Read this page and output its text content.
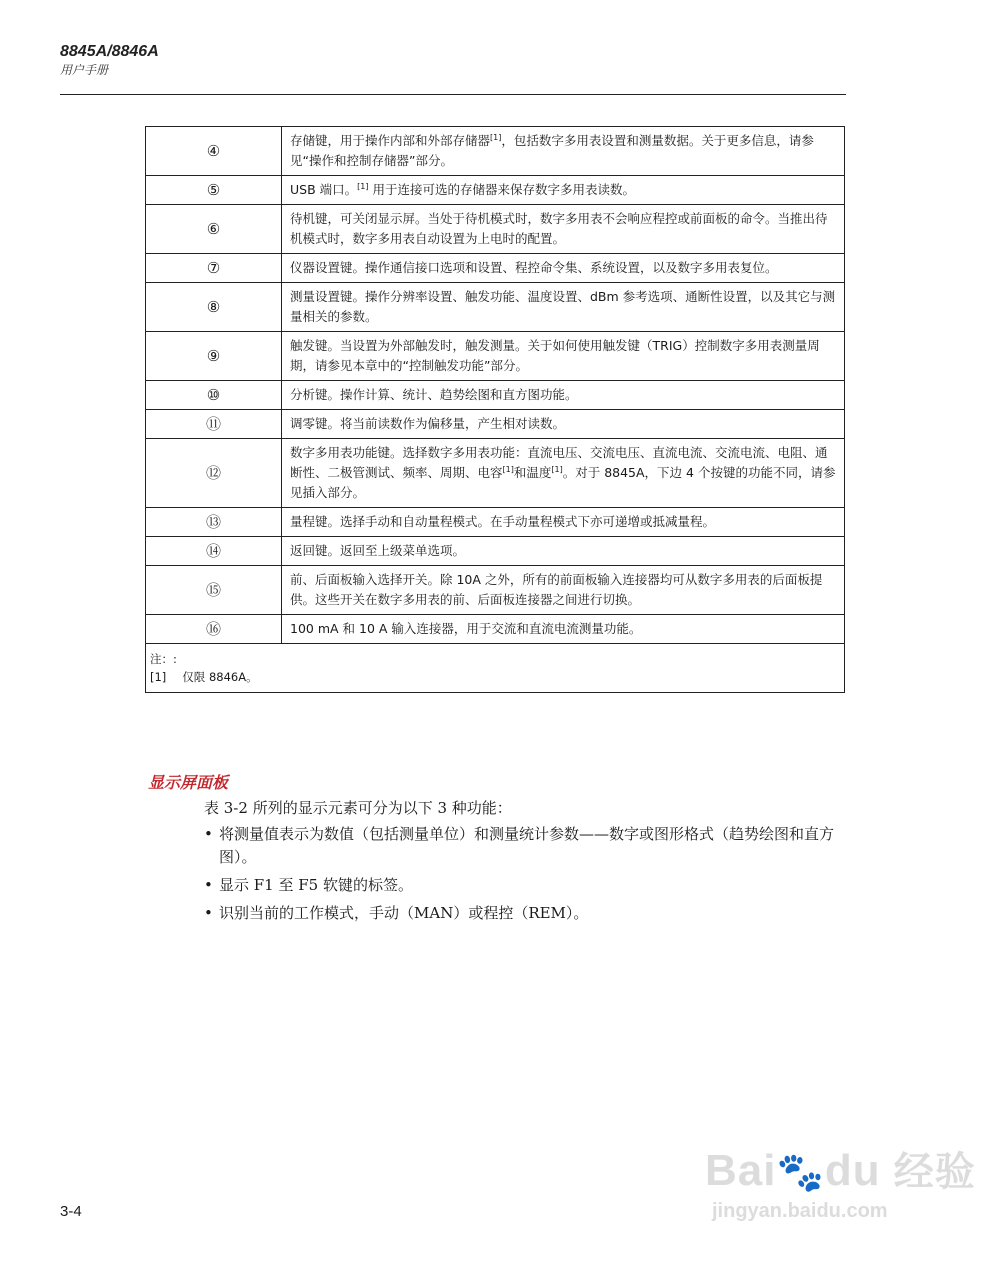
8845A/8846A
用户手册
④	存储键，用于操作内部和外部存储器[1]，包括数字多用表设置和测量数据。关于更多信息，请参见“操作和控制存储器”部分。
⑤	USB 端口。[1] 用于连接可选的存储器来保存数字多用表读数。
⑥	待机键，可关闭显示屏。当处于待机模式时，数字多用表不会响应程控或前面板的命令。当推出待机模式时，数字多用表自动设置为上电时的配置。
⑦	仪器设置键。操作通信接口选项和设置、程控命令集、系统设置，以及数字多用表复位。
⑧	测量设置键。操作分辨率设置、触发功能、温度设置、dBm 参考选项、通断性设置，以及其它与测量相关的参数。
⑨	触发键。当设置为外部触发时，触发测量。关于如何使用触发键（TRIG）控制数字多用表测量周期，请参见本章中的“控制触发功能”部分。
⑩	分析键。操作计算、统计、趋势绘图和直方图功能。
⑪	调零键。将当前读数作为偏移量，产生相对读数。
⑫	数字多用表功能键。选择数字多用表功能：直流电压、交流电压、直流电流、交流电流、电阻、通断性、二极管测试、频率、周期、电容[1]和温度[1]。对于 8845A，下边 4 个按键的功能不同，请参见插入部分。
⑬	量程键。选择手动和自动量程模式。在手动量程模式下亦可递增或抵减量程。
⑭	返回键。返回至上级菜单选项。
⑮	前、后面板输入选择开关。除 10A 之外，所有的前面板输入连接器均可从数字多用表的后面板提供。这些开关在数字多用表的前、后面板连接器之间进行切换。
⑯	100 mA 和 10 A 输入连接器，用于交流和直流电流测量功能。

注：:
[1] 仅限 8846A。	
显示屏面板
表 3-2 所列的显示元素可分为以下 3 种功能：
• 将测量值表示为数值（包括测量单位）和测量统计参数——数字或图形格式（趋势绘图和直方图）。
• 显示 F1 至 F5 软键的标签。
• 识别当前的工作模式，手动（MAN）或程控（REM）。
3-4
Bai🐾du 经验
jingyan.baidu.com
